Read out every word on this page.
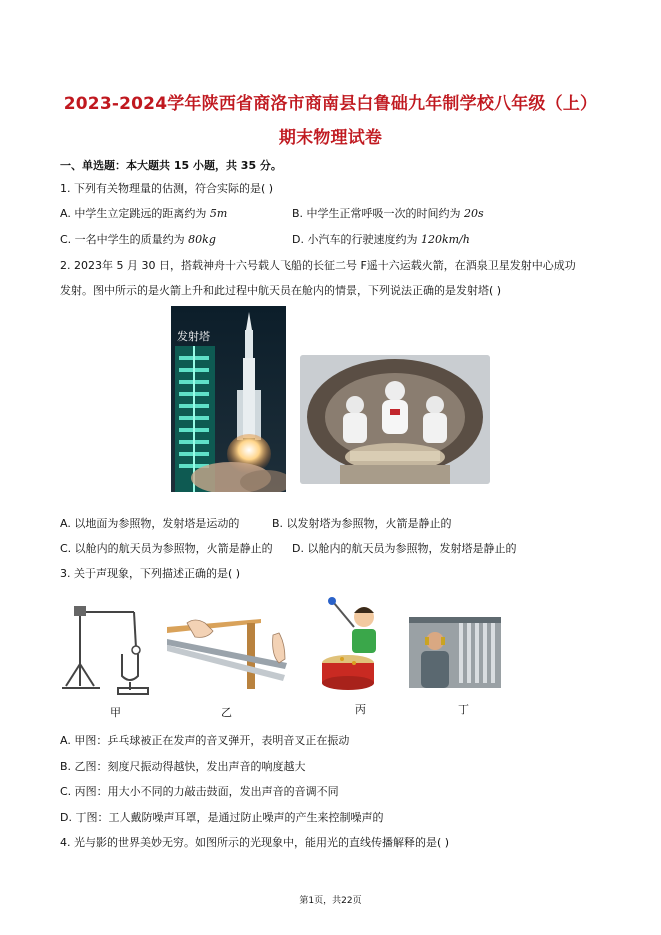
2023-2024学年陕西省商洛市商南县白鲁础九年制学校八年级（上）
期末物理试卷
一、单选题：本大题共 15 小题，共 35 分。
1. 下列有关物理量的估测，符合实际的是( )
A. 中学生立定跳远的距离约为 5m	B. 中学生正常呼吸一次的时间约为 20s
C. 一名中学生的质量约为 80kg	D. 小汽车的行驶速度约为 120km/h
2. 2023年 5 月 30 日，搭载神舟十六号载人飞船的长征二号 F遥十六运载火箭，在酒泉卫星发射中心成功
发射。图中所示的是火箭上升和此过程中航天员在舱内的情景，下列说法正确的是发射塔( )
发射塔
A. 以地面为参照物，发射塔是运动的	B. 以发射塔为参照物，火箭是静止的
C. 以舱内的航天员为参照物，火箭是静止的 D. 以舱内的航天员为参照物，发射塔是静止的
3. 关于声现象，下列描述正确的是( )
甲	乙	丙	丁
A. 甲图：乒乓球被正在发声的音叉弹开，表明音叉正在振动
B. 乙图：刻度尺振动得越快，发出声音的响度越大
C. 丙图：用大小不同的力敲击鼓面，发出声音的音调不同
D. 丁图：工人戴防噪声耳罩，是通过防止噪声的产生来控制噪声的
4. 光与影的世界美妙无穷。如图所示的光现象中，能用光的直线传播解释的是( )
第1页，共22页
